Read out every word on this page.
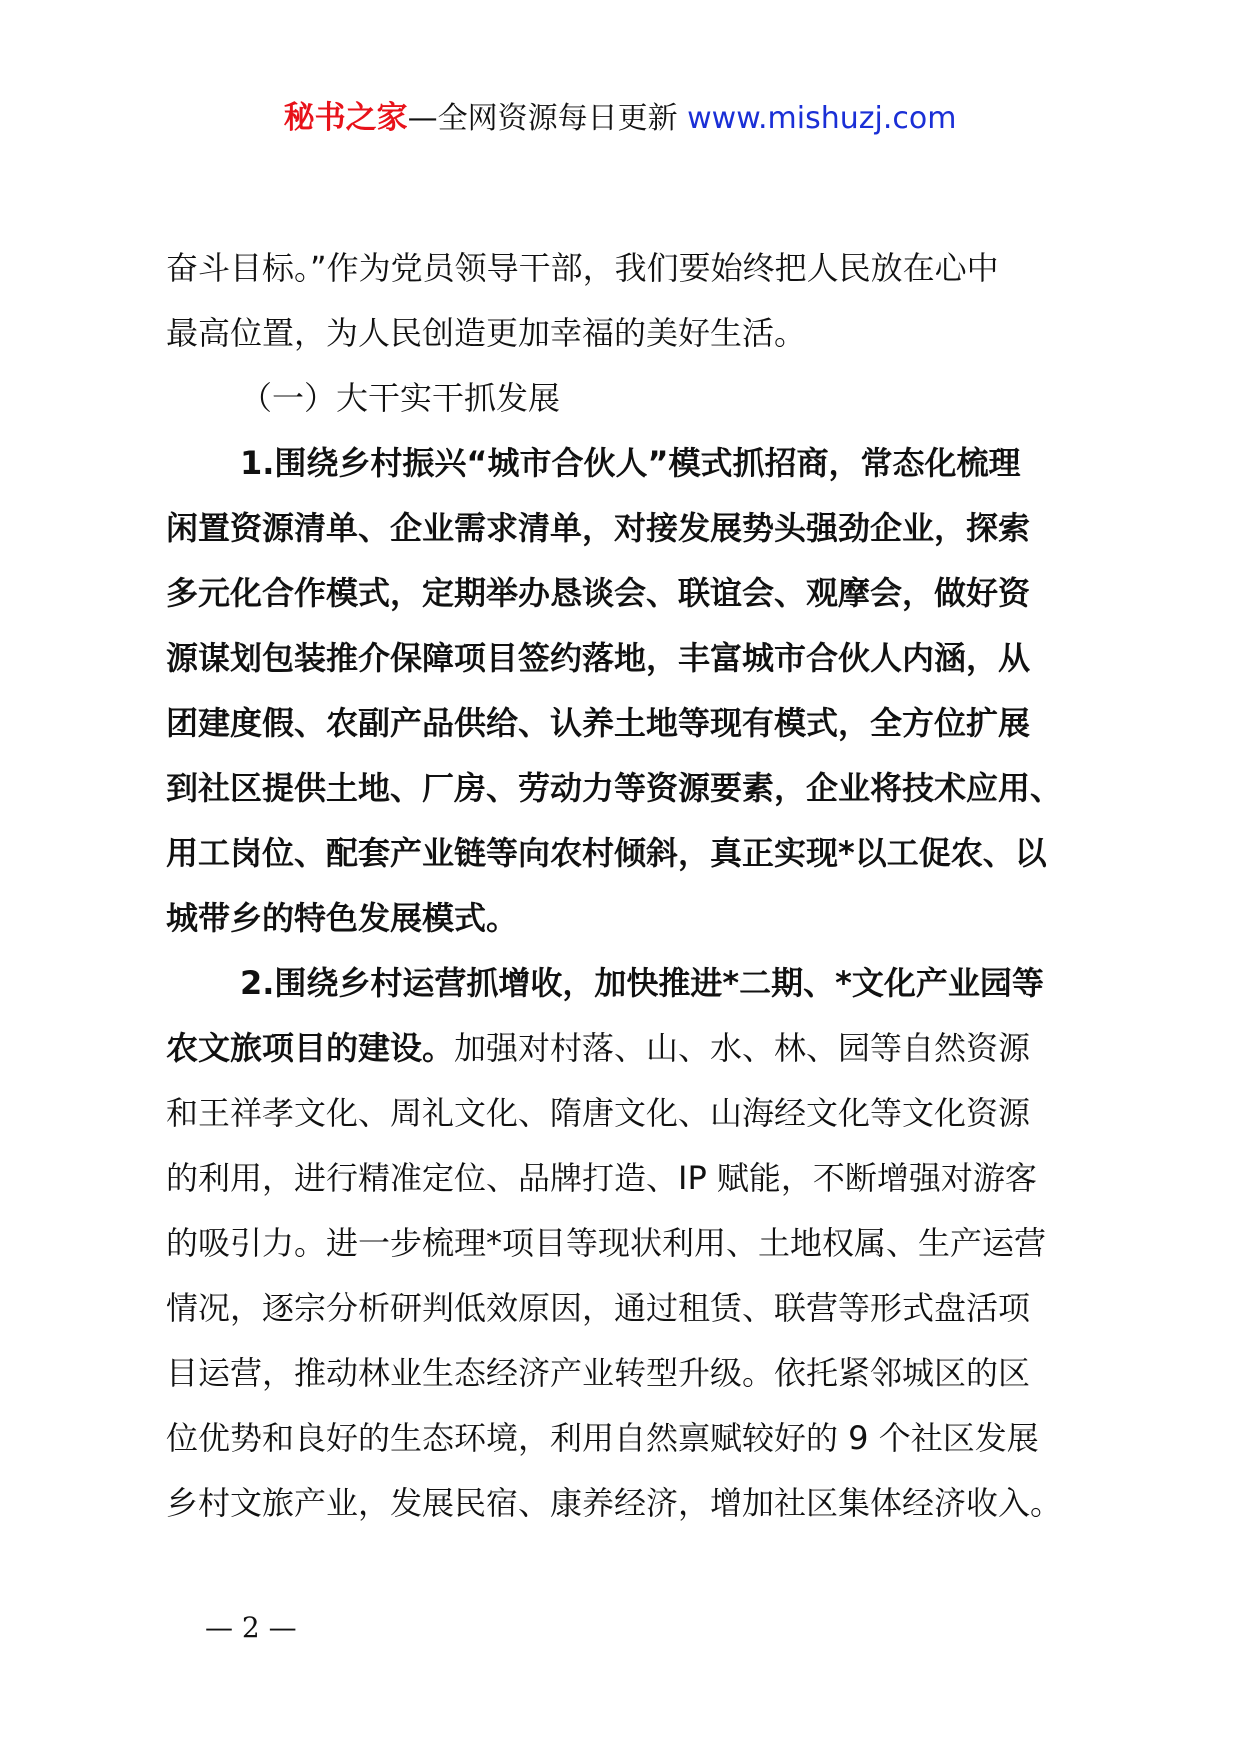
秘书之家—全网资源每日更新 www.mishuzj.com
奋斗目标。”作为党员领导干部，我们要始终把人民放在心中
最高位置，为人民创造更加幸福的美好生活。
（一）大干实干抓发展
1.围绕乡村振兴“城市合伙人”模式抓招商，常态化梳理
闲置资源清单、企业需求清单，对接发展势头强劲企业，探索
多元化合作模式，定期举办恳谈会、联谊会、观摩会，做好资
源谋划包装推介保障项目签约落地，丰富城市合伙人内涵，从
团建度假、农副产品供给、认养土地等现有模式，全方位扩展
到社区提供土地、厂房、劳动力等资源要素，企业将技术应用、
用工岗位、配套产业链等向农村倾斜，真正实现*以工促农、以
城带乡的特色发展模式。
2.围绕乡村运营抓增收，加快推进*二期、*文化产业园等
农文旅项目的建设。加强对村落、山、水、林、园等自然资源
和王祥孝文化、周礼文化、隋唐文化、山海经文化等文化资源
的利用，进行精准定位、品牌打造、IP 赋能，不断增强对游客
的吸引力。进一步梳理*项目等现状利用、土地权属、生产运营
情况，逐宗分析研判低效原因，通过租赁、联营等形式盘活项
目运营，推动林业生态经济产业转型升级。依托紧邻城区的区
位优势和良好的生态环境，利用自然禀赋较好的 9 个社区发展
乡村文旅产业，发展民宿、康养经济，增加社区集体经济收入。
— 2 —
